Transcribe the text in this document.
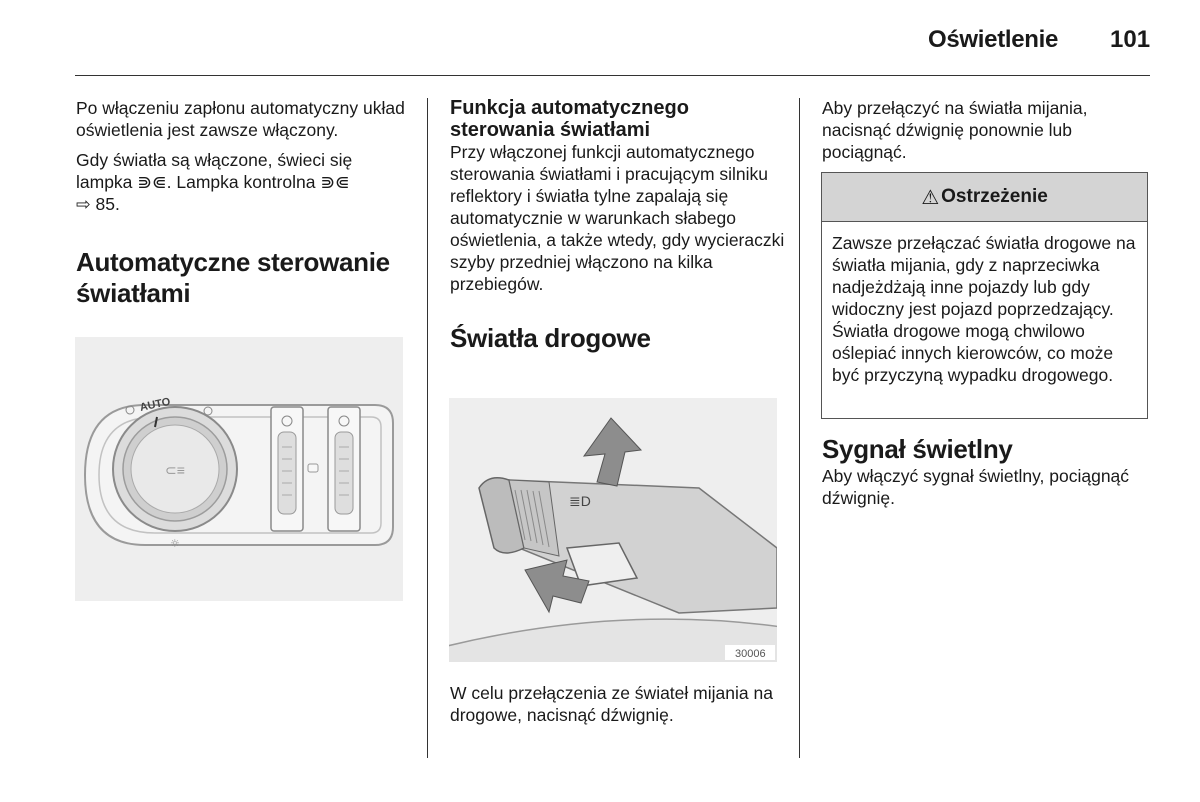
Oświetlenie 101

Po włączeniu zapłonu automatyczny układ oświetlenia jest zawsze włączony.

Gdy światła są włączone, świeci się lampka ⋑⋐. Lampka kontrolna ⋑⋐
⇨ 85.

Automatyczne sterowanie światłami
AUTO
⊂≡
☼
Funkcja automatycznego sterowania światłami

Przy włączonej funkcji automatycznego sterowania światłami i pracującym silniku reflektory i światła tylne zapalają się automatycznie w warunkach słabego oświetlenia, a także wtedy, gdy wycieraczki szyby przedniej włączono na kilka przebiegów.

Światła drogowe
≣D
30006

W celu przełączenia ze świateł mijania na drogowe, nacisnąć dźwignię.

Aby przełączyć na światła mijania, nacisnąć dźwignię ponownie lub pociągnąć.

⚠ Ostrzeżenie
Zawsze przełączać światła drogowe na światła mijania, gdy z naprzeciwka nadjeżdżają inne pojazdy lub gdy widoczny jest pojazd poprzedzający. Światła drogowe mogą chwilowo oślepiać innych kierowców, co może być przyczyną wypadku drogowego.
Sygnał świetlny

Aby włączyć sygnał świetlny, pociągnąć dźwignię.
